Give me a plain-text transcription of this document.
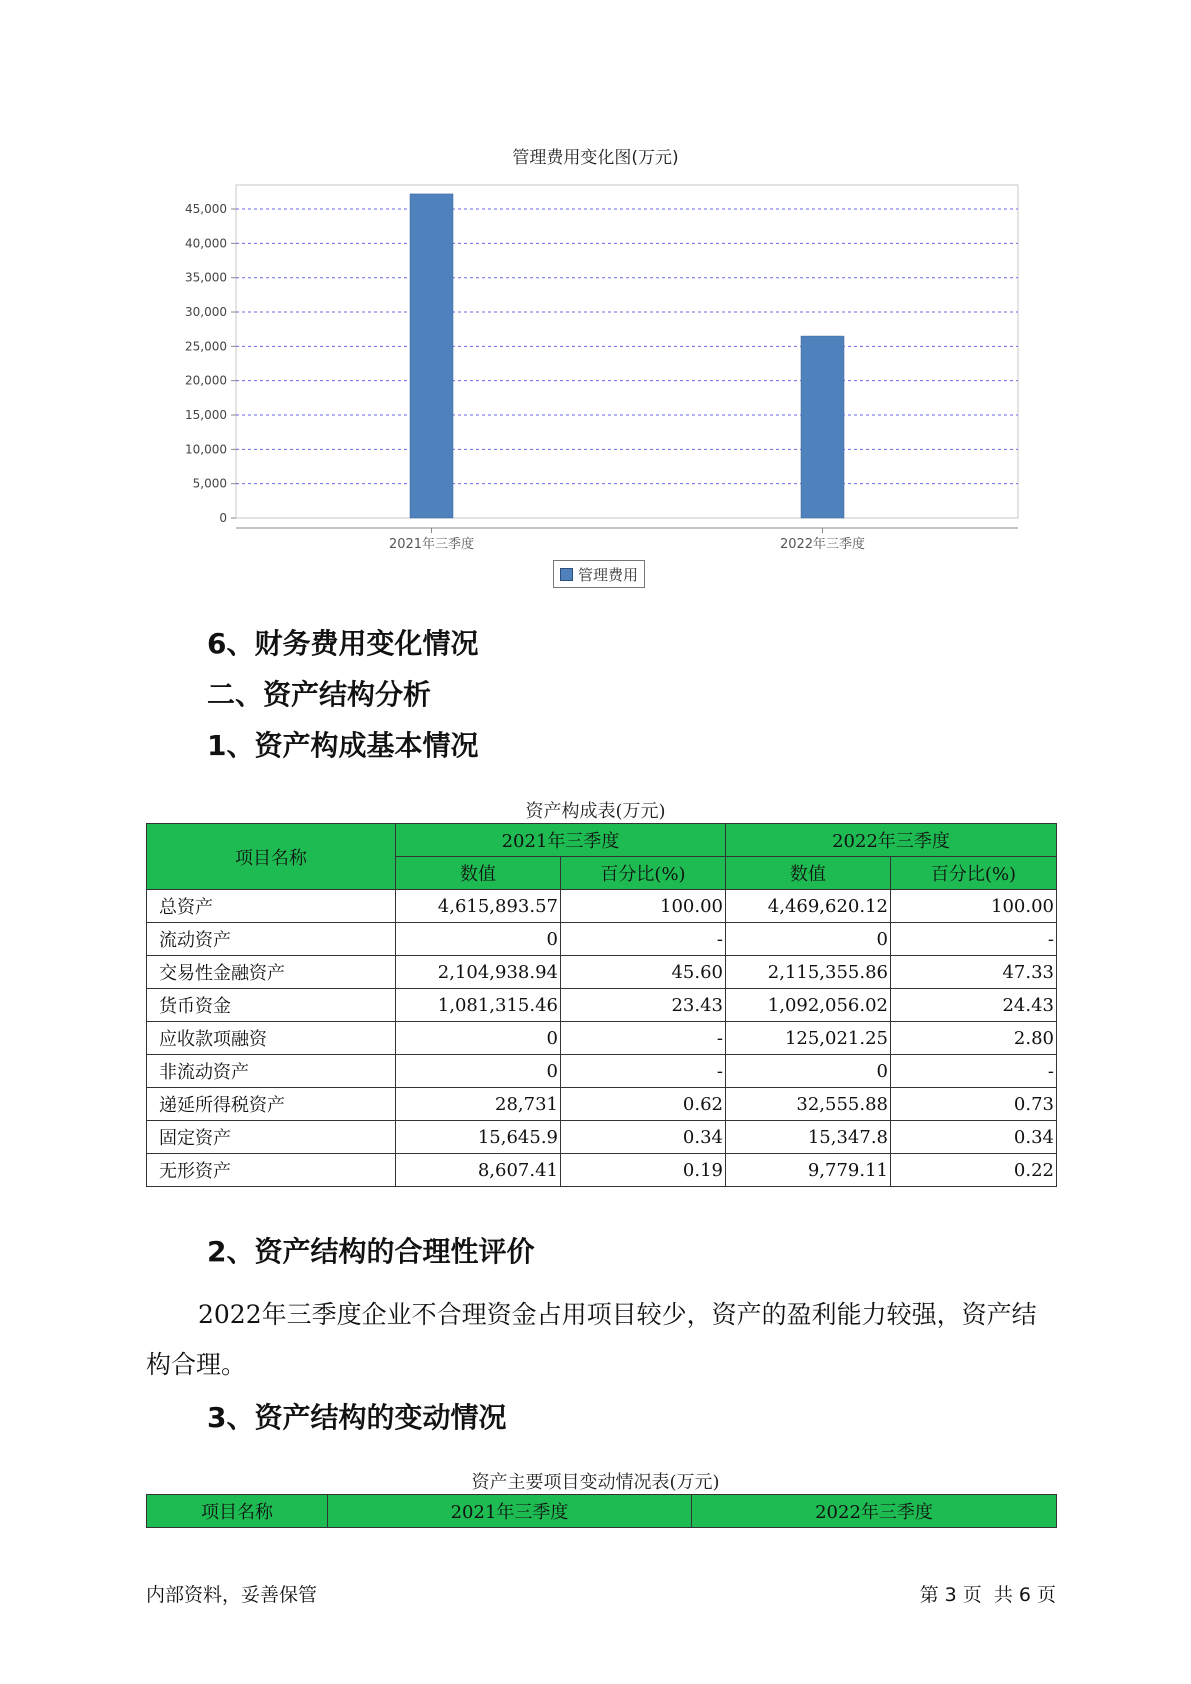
管理费用变化图(万元)
0
5,000
10,000
15,000
20,000
25,000
30,000
35,000
40,000
45,000
2021年三季度	2022年三季度
管理费用
6、财务费用变化情况
二、资产结构分析
1、资产构成基本情况
资产构成表(万元)
项目名称	2021年三季度		2022年三季度	
	数值	百分比(%)	数值	百分比(%)
总资产	4,615,893.57	100.00	4,469,620.12	100.00
流动资产	0	-	0	-
交易性金融资产	2,104,938.94	45.60	2,115,355.86	47.33
货币资金	1,081,315.46	23.43	1,092,056.02	24.43
应收款项融资	0	-	125,021.25	2.80
非流动资产	0	-	0	-
递延所得税资产	28,731	0.62	32,555.88	0.73
固定资产	15,645.9	0.34	15,347.8	0.34
无形资产	8,607.41	0.19	9,779.11	0.22
2、资产结构的合理性评价

2022年三季度企业不合理资金占用项目较少，资产的盈利能力较强，资产结构合理。

3、资产结构的变动情况
资产主要项目变动情况表(万元)
项目名称	2021年三季度	2022年三季度
内部资料，妥善保管	第 3 页  共 6 页
